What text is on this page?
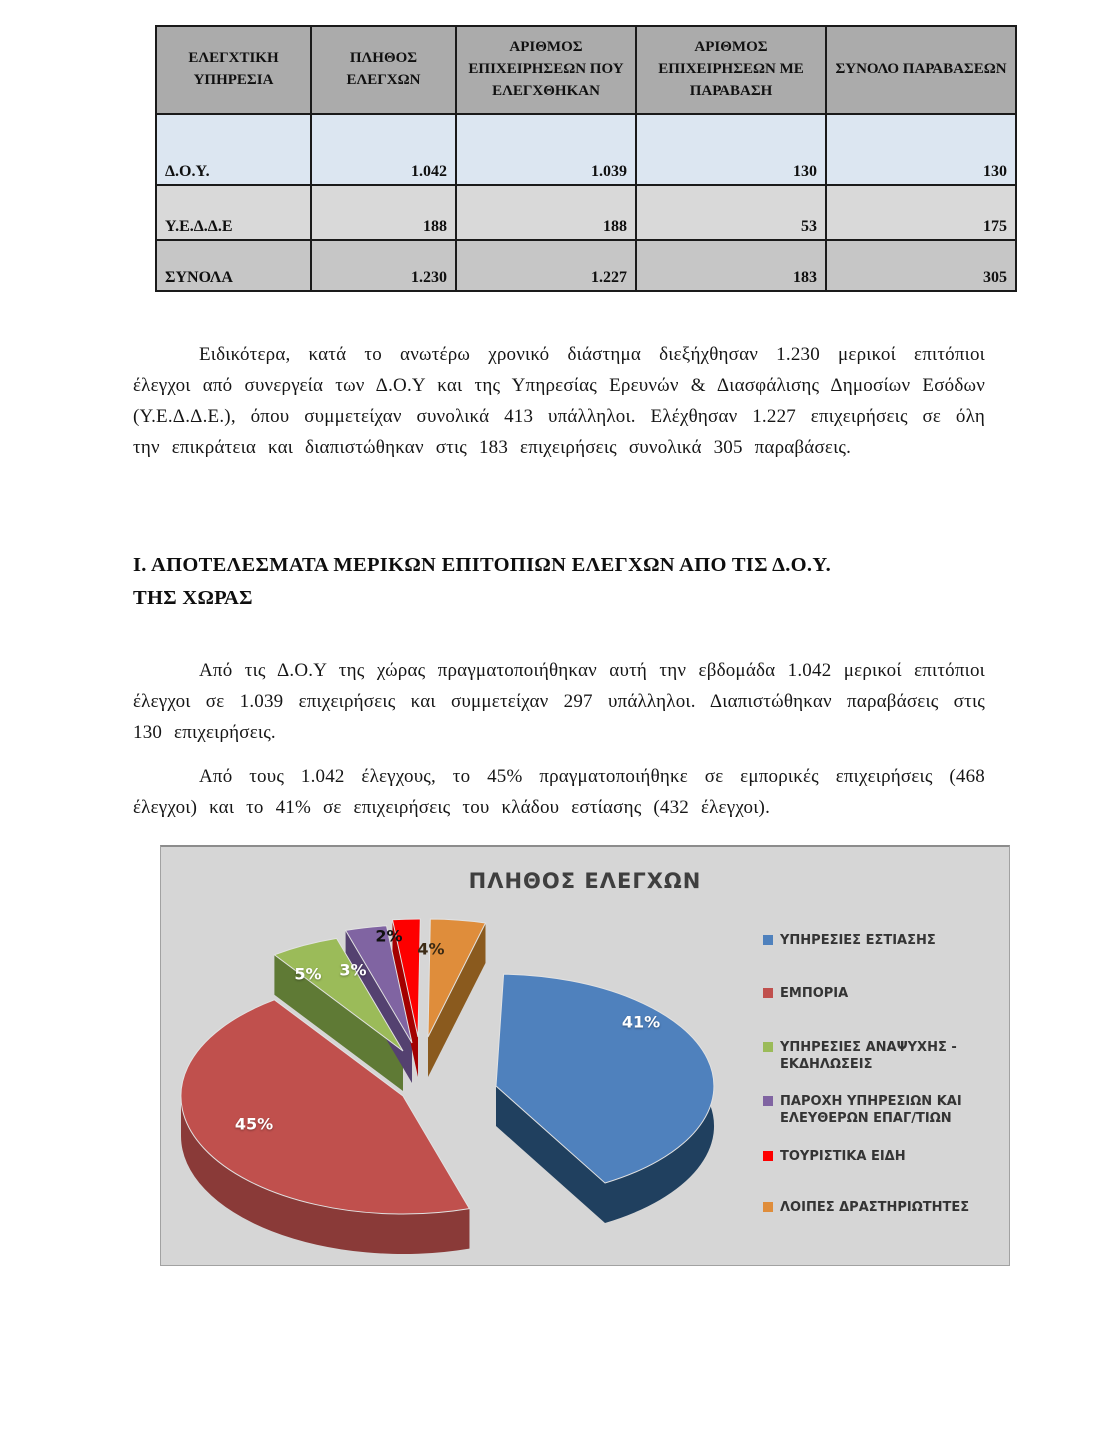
ΕΛΕΓΧΤΙΚΗ ΥΠΗΡΕΣΙΑ	ΠΛΗΘΟΣ ΕΛΕΓΧΩΝ	ΑΡΙΘΜΟΣ ΕΠΙΧΕΙΡΗΣΕΩΝ ΠΟΥ ΕΛΕΓΧΘΗΚΑΝ	ΑΡΙΘΜΟΣ ΕΠΙΧΕΙΡΗΣΕΩΝ ΜΕ ΠΑΡΑΒΑΣΗ	ΣΥΝΟΛΟ ΠΑΡΑΒΑΣΕΩΝ
Δ.Ο.Υ.	1.042	1.039	130	130
Υ.Ε.Δ.Δ.Ε	188	188	53	175
ΣΥΝΟΛΑ	1.230	1.227	183	305

Ειδικότερα, κατά το ανωτέρω χρονικό διάστημα διεξήχθησαν 1.230 μερικοί επιτόπιοι έλεγχοι από συνεργεία των Δ.Ο.Υ και της Υπηρεσίας Ερευνών & Διασφάλισης Δημοσίων Εσόδων (Υ.Ε.Δ.Δ.Ε.), όπου συμμετείχαν συνολικά 413 υπάλληλοι. Ελέχθησαν 1.227 επιχειρήσεις σε όλη την επικράτεια και διαπιστώθηκαν στις 183 επιχειρήσεις συνολικά 305 παραβάσεις.

Ι. ΑΠΟΤΕΛΕΣΜΑΤΑ ΜΕΡΙΚΩΝ ΕΠΙΤΟΠΙΩΝ ΕΛΕΓΧΩΝ ΑΠΟ ΤΙΣ Δ.Ο.Υ.
ΤΗΣ ΧΩΡΑΣ

Από τις Δ.Ο.Υ της χώρας πραγματοποιήθηκαν αυτή την εβδομάδα 1.042 μερικοί επιτόπιοι έλεγχοι σε 1.039 επιχειρήσεις και συμμετείχαν 297 υπάλληλοι. Διαπιστώθηκαν παραβάσεις στις 130 επιχειρήσεις.

Από τους 1.042 έλεγχους, το 45% πραγματοποιήθηκε σε εμπορικές επιχειρήσεις (468 έλεγχοι) και το 41% σε επιχειρήσεις του κλάδου εστίασης (432 έλεγχοι).

ΠΛΗΘΟΣ ΕΛΕΓΧΩΝ
41%
45%
5% 3%
2%
4%	ΥΠΗΡΕΣΙΕΣ ΕΣΤΙΑΣΗΣ
ΕΜΠΟΡΙΑ
ΥΠΗΡΕΣΙΕΣ ΑΝΑΨΥΧΗΣ - ΕΚΔΗΛΩΣΕΙΣ
ΠΑΡΟΧΗ ΥΠΗΡΕΣΙΩΝ ΚΑΙ ΕΛΕΥΘΕΡΩΝ ΕΠΑΓ/ΤΙΩΝ
ΤΟΥΡΙΣΤΙΚΑ ΕΙΔΗ
ΛΟΙΠΕΣ ΔΡΑΣΤΗΡΙΩΤΗΤΕΣ
